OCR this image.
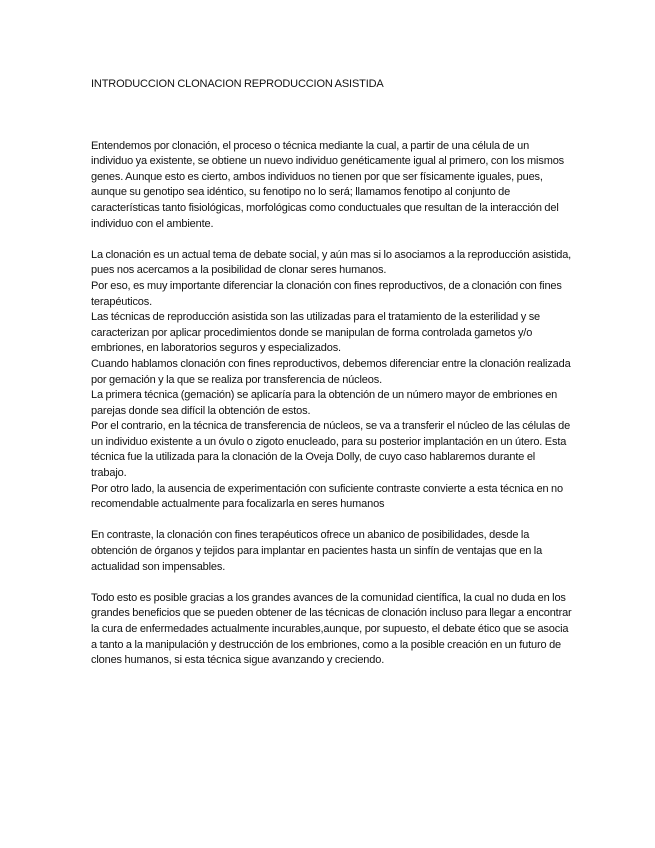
INTRODUCCION CLONACION REPRODUCCION ASISTIDA

Entendemos por clonación, el proceso o técnica mediante la cual, a partir de una célula de un individuo ya existente, se obtiene un nuevo individuo genéticamente igual al primero, con los mismos genes. Aunque esto es cierto, ambos individuos no tienen por que ser físicamente iguales, pues, aunque su genotipo sea idéntico, su fenotipo no lo será; llamamos fenotipo al conjunto de características tanto fisiológicas, morfológicas como conductuales que resultan de la interacción del individuo con el ambiente.

La clonación es un actual tema de debate social, y aún mas si lo asociamos a la reproducción asistida, pues nos acercamos a la posibilidad de clonar seres humanos.
Por eso, es muy importante diferenciar la clonación con fines reproductivos, de a clonación con fines terapéuticos.
Las técnicas de reproducción asistida son las utilizadas para el tratamiento de la esterilidad y se caracterizan por aplicar procedimientos donde se manipulan de forma controlada gametos y/o embriones, en laboratorios seguros y especializados.
Cuando hablamos clonación con fines reproductivos, debemos diferenciar entre la clonación realizada por gemación y la que se realiza por transferencia de núcleos.
La primera técnica (gemación) se aplicaría para la obtención de un número mayor de embriones en parejas donde sea difícil la obtención de estos.
Por el contrario, en la técnica de transferencia de núcleos, se va a transferir el núcleo de las células de un individuo existente a un óvulo o zigoto enucleado, para su posterior implantación en un útero. Esta técnica fue la utilizada para la clonación de la Oveja Dolly, de cuyo caso hablaremos durante el trabajo.
Por otro lado, la ausencia de experimentación con suficiente contraste convierte a esta técnica en no recomendable actualmente para focalizarla en seres humanos

En contraste, la clonación con fines terapéuticos ofrece un abanico de posibilidades, desde la obtención de órganos y tejidos para implantar en pacientes hasta un sinfín de ventajas que en la actualidad son impensables.

Todo esto es posible gracias a los grandes avances de la comunidad científica, la cual no duda en los grandes beneficios que se pueden obtener de las técnicas de clonación incluso para llegar a encontrar la cura de enfermedades actualmente incurables,aunque, por supuesto, el debate ético que se asocia a tanto a la manipulación y destrucción de los embriones, como a la posible creación en un futuro de clones humanos, si esta técnica sigue avanzando y creciendo.
